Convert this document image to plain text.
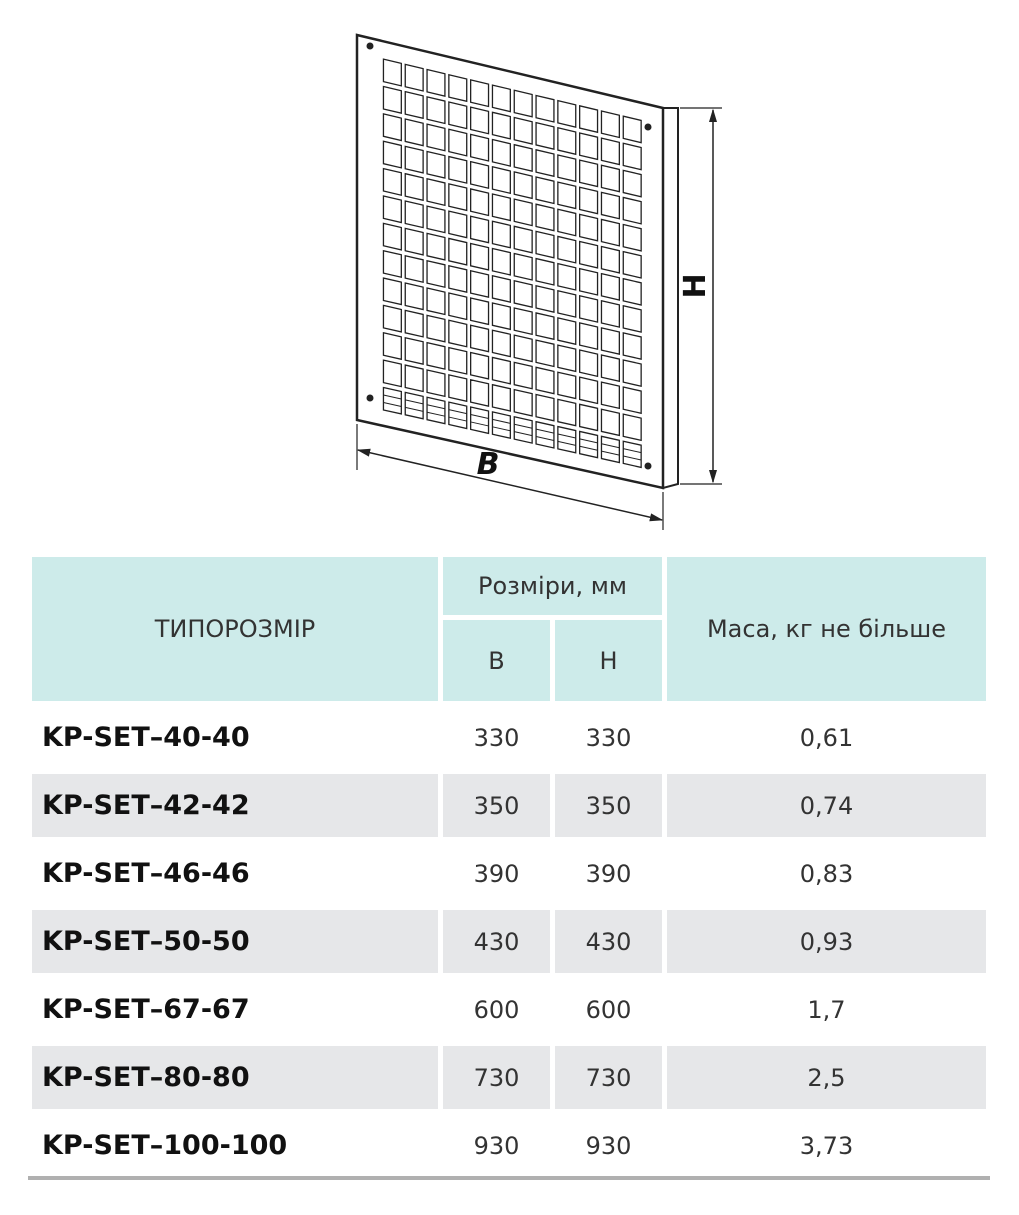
B
H
ТИПОРОЗМІР	Розміри, мм		Маса, кг не більше
	B	H	
KP-SET–40-40	330	330	0,61
KP-SET–42-42	350	350	0,74
KP-SET–46-46	390	390	0,83
KP-SET–50-50	430	430	0,93
KP-SET–67-67	600	600	1,7
KP-SET–80-80	730	730	2,5
KP-SET–100-100	930	930	3,73
